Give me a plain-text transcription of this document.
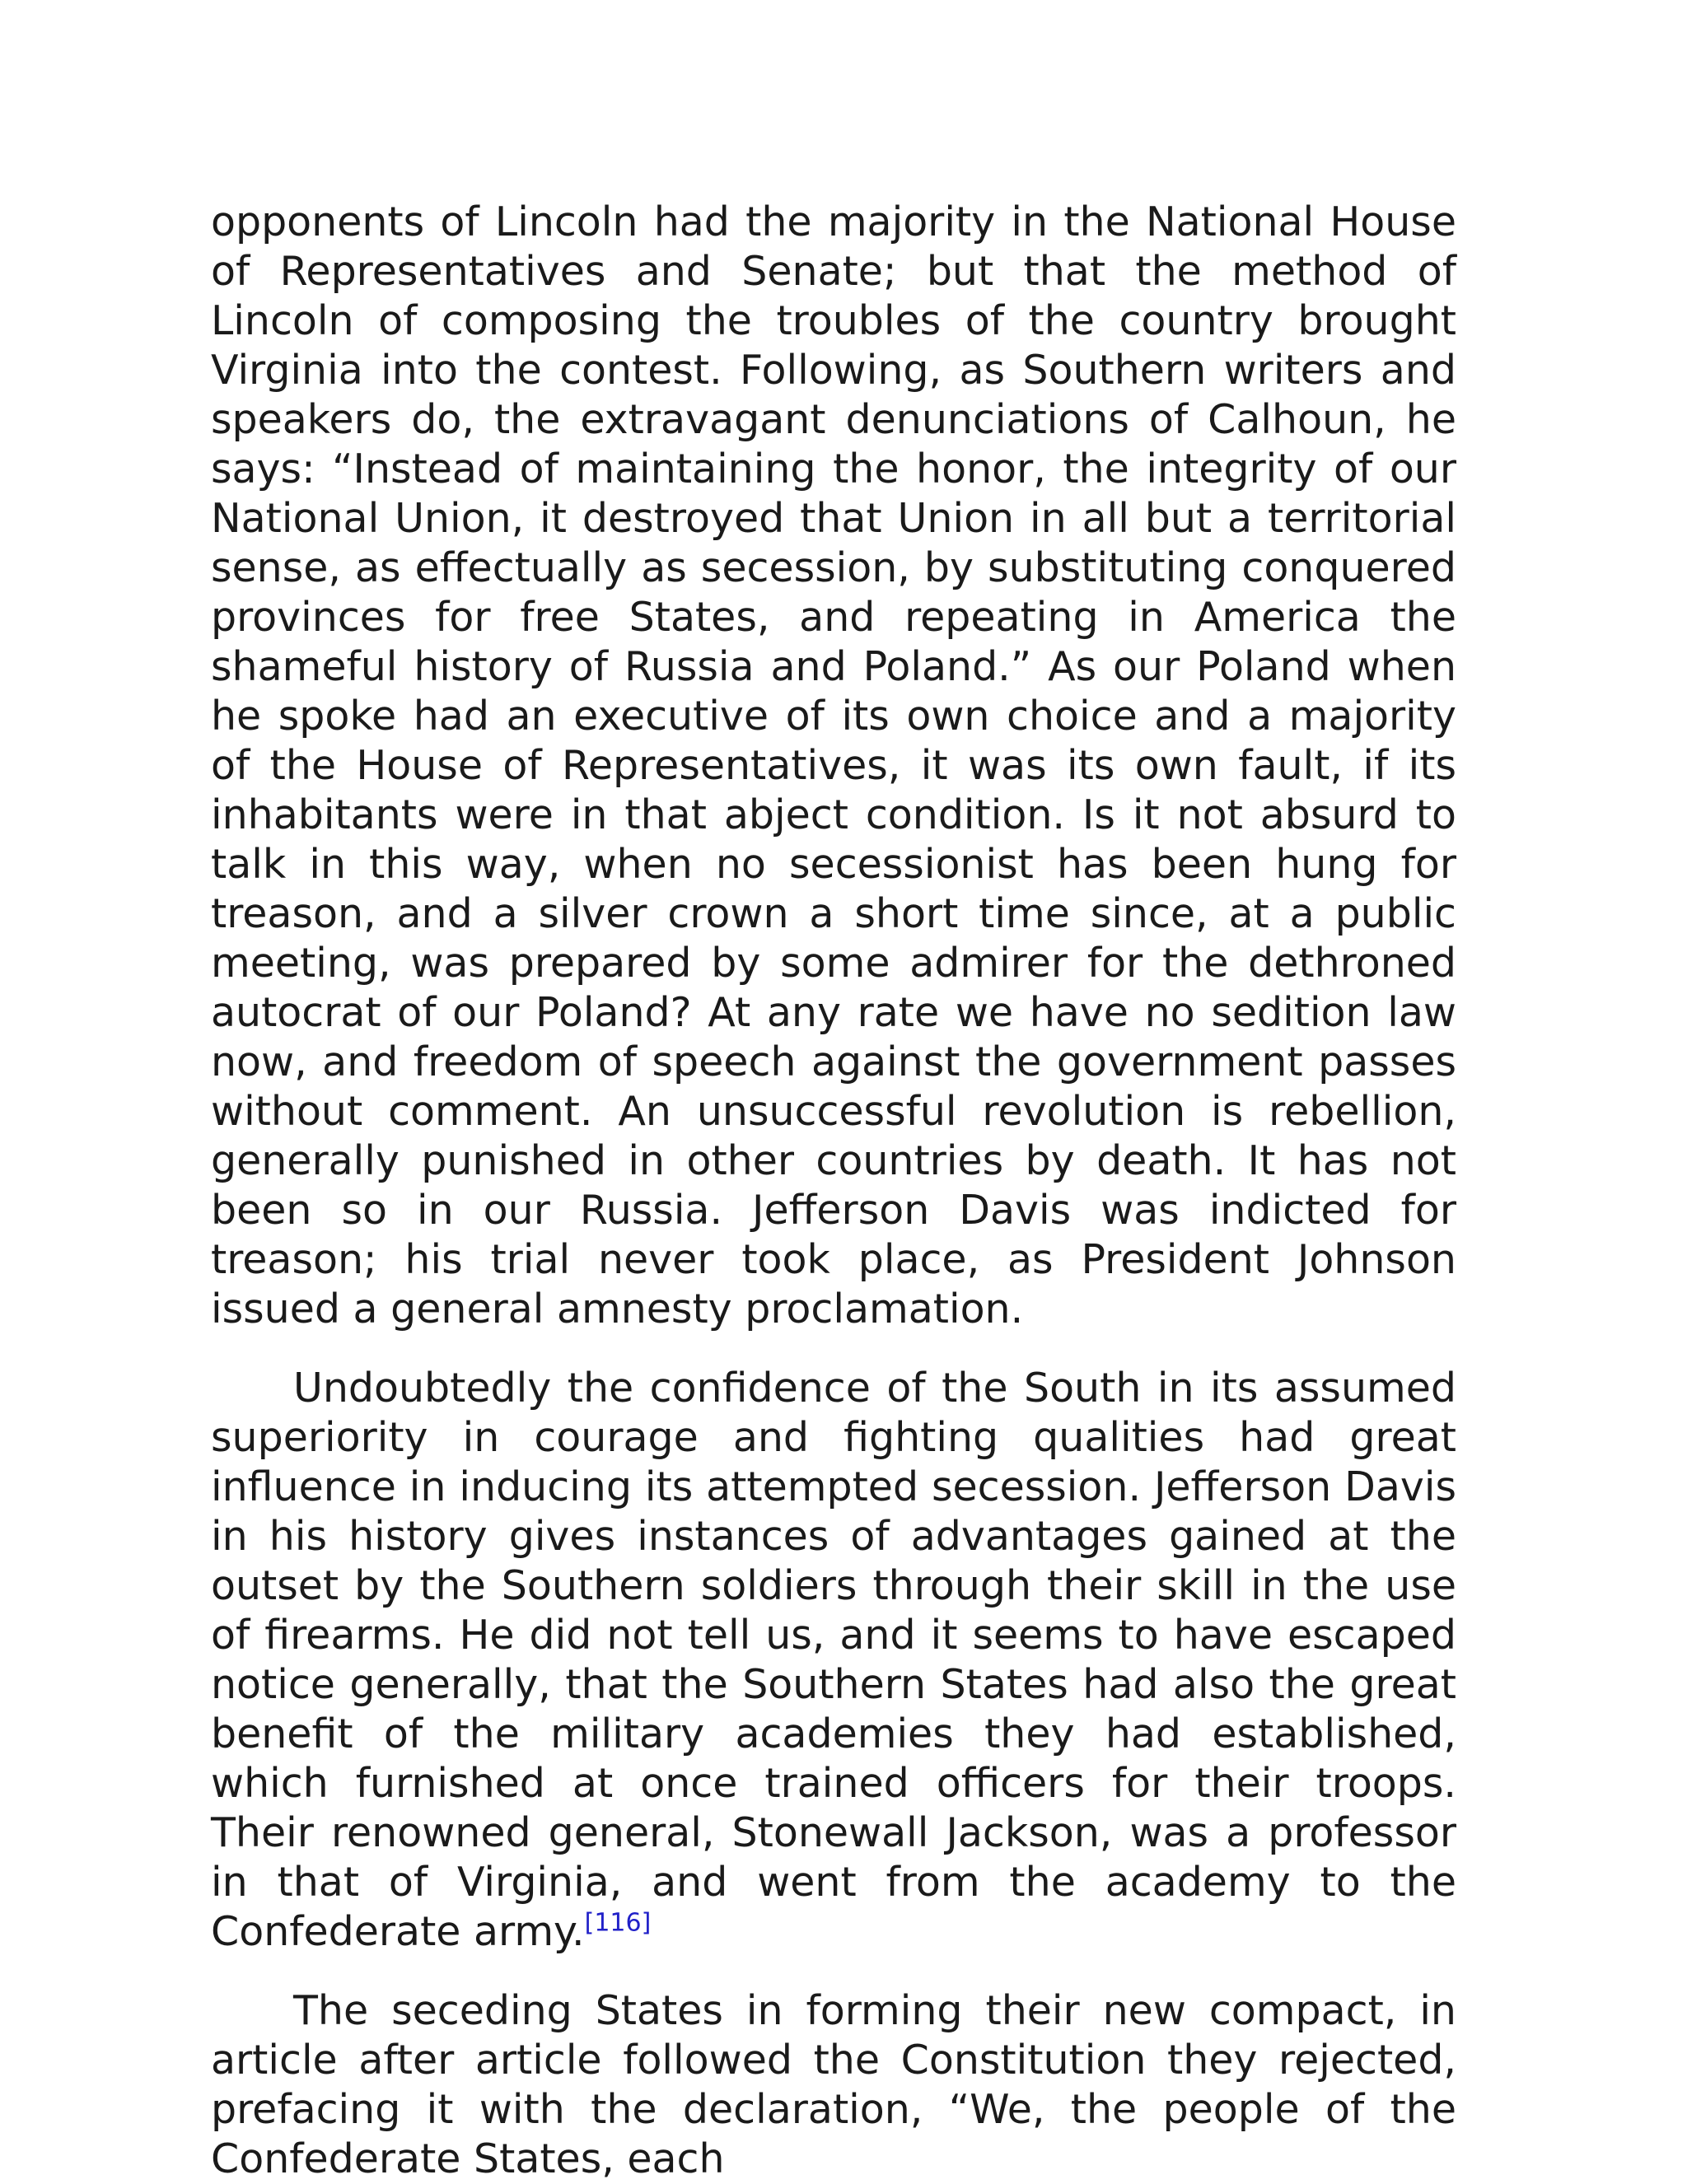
opponents of Lincoln had the majority in the National House of Representatives and Senate; but that the method of Lincoln of composing the troubles of the country brought Virginia into the contest. Following, as Southern writers and speakers do, the extravagant denunciations of Calhoun, he says: “Instead of maintaining the honor, the integrity of our National Union, it destroyed that Union in all but a territorial sense, as effectually as secession, by substituting conquered provinces for free States, and repeating in America the shameful history of Russia and Poland.” As our Poland when he spoke had an executive of its own choice and a majority of the House of Representatives, it was its own fault, if its inhabitants were in that abject condition. Is it not absurd to talk in this way, when no secessionist has been hung for treason, and a silver crown a short time since, at a public meeting, was prepared by some admirer for the dethroned autocrat of our Poland? At any rate we have no sedition law now, and freedom of speech against the government passes without comment. An unsuccessful revolution is rebellion, generally punished in other countries by death. It has not been so in our Russia. Jefferson Davis was indicted for treason; his trial never took place, as President Johnson issued a general amnesty proclamation.

Undoubtedly the confidence of the South in its assumed superiority in courage and fighting qualities had great influence in inducing its attempted secession. Jefferson Davis in his history gives instances of advantages gained at the outset by the Southern soldiers through their skill in the use of firearms. He did not tell us, and it seems to have escaped notice generally, that the Southern States had also the great benefit of the military academies they had established, which furnished at once trained officers for their troops. Their renowned general, Stonewall Jackson, was a professor in that of Virginia, and went from the academy to the Confederate army.[116]

The seceding States in forming their new compact, in article after article followed the Constitution they rejected, prefacing it with the declaration, “We, the people of the Confederate States, each
